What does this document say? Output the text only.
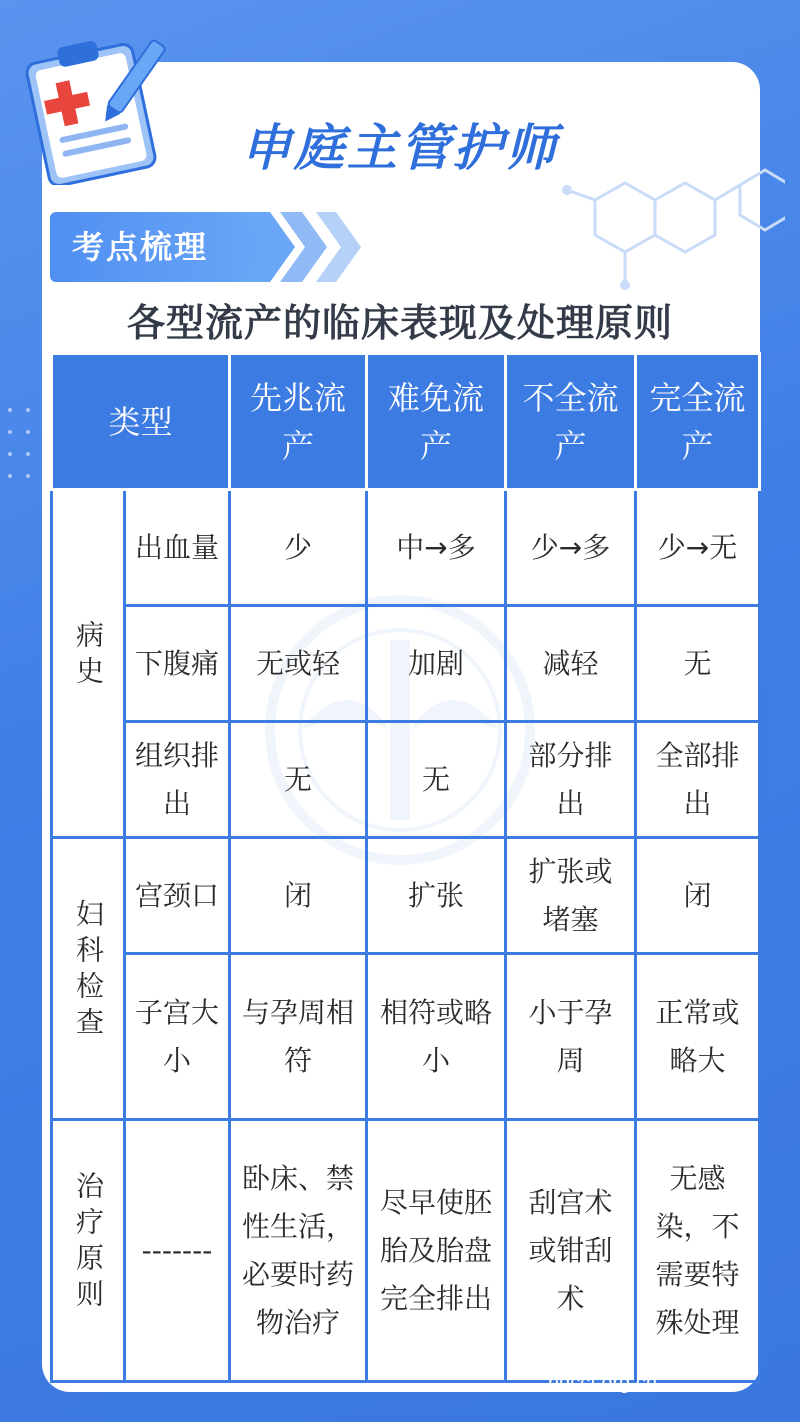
申庭主管护师
考点梳理
各型流产的临床表现及处理原则
类型		先兆流产	难免流产	不全流产	完全流产
病史	出血量	少	中→多	少→多	少→无
	下腹痛	无或轻	加剧	减轻	无
	组织排出	无	无	部分排出	全部排出
妇科检查	宫颈口	闭	扩张	扩张或堵塞	闭
	子宫大小	与孕周相符	相符或略小	小于孕周	正常或略大
治疗原则	-------	卧床、禁性生活，必要时药物治疗	尽早使胚胎及胎盘完全排出	刮宫术或钳刮术	无感染，不需要特殊处理
hdccf.org.cn
